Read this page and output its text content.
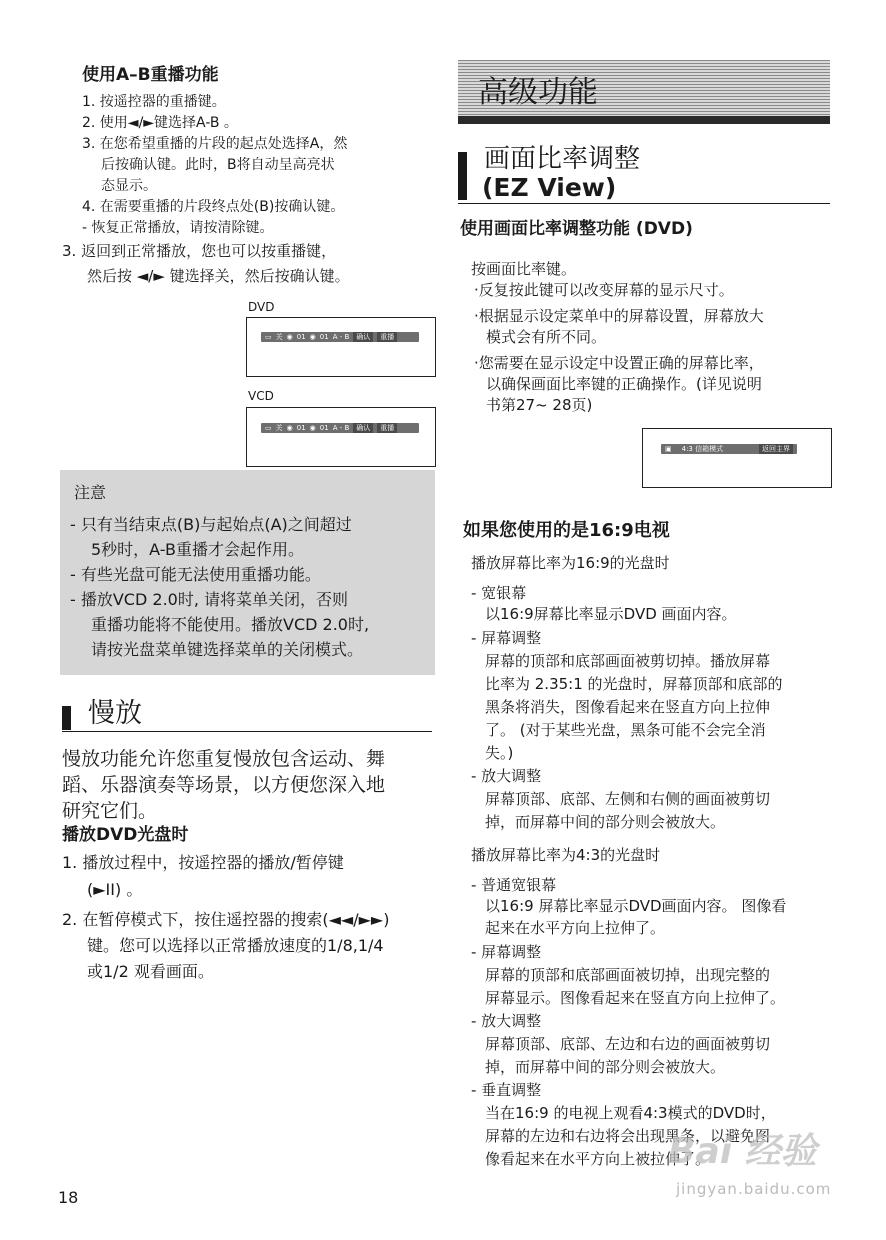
使用A–B重播功能
1. 按遥控器的重播键。
2. 使用◄/►键选择A-B 。
3. 在您希望重播的片段的起点处选择A，然
后按确认键。此时，B将自动呈高亮状
态显示。
4. 在需要重播的片段终点处(B)按确认键。
- 恢复正常播放，请按清除键。
3. 返回到正常播放，您也可以按重播键，
然后按 ◄/► 键选择关，然后按确认键。
DVD
▭ 关 ◉ 01 ◉ 01 A - B	确认	重播
VCD
▭ 关 ◉ 01 ◉ 01 A - B	确认	重播
注意
- 只有当结束点(B)与起始点(A)之间超过
5秒时，A-B重播才会起作用。
- 有些光盘可能无法使用重播功能。
- 播放VCD 2.0时, 请将菜单关闭，否则
重播功能将不能使用。播放VCD 2.0时,
请按光盘菜单键选择菜单的关闭模式。
慢放
慢放功能允许您重复慢放包含运动、舞
蹈、乐器演奏等场景，以方便您深入地
研究它们。
播放DVD光盘时
1. 播放过程中，按遥控器的播放/暂停键
(►II) 。
2. 在暂停模式下，按住遥控器的搜索(◄◄/►►)
键。您可以选择以正常播放速度的1/8,1/4
或1/2 观看画面。
18
高级功能
画面比率调整
(EZ View)
使用画面比率调整功能 (DVD)
按画面比率键。
·反复按此键可以改变屏幕的显示尺寸。
·根据显示设定菜单中的屏幕设置，屏幕放大
模式会有所不同。
·您需要在显示设定中设置正确的屏幕比率，
以确保画面比率键的正确操作。(详见说明
书第27~ 28页)
▣ 4:3 信箱模式	返回主界
如果您使用的是16:9电视
播放屏幕比率为16:9的光盘时
- 宽银幕
以16:9屏幕比率显示DVD 画面内容。
- 屏幕调整
屏幕的顶部和底部画面被剪切掉。播放屏幕
比率为 2.35:1 的光盘时，屏幕顶部和底部的
黑条将消失，图像看起来在竖直方向上拉伸
了。 (对于某些光盘，黑条可能不会完全消
失。)
- 放大调整
屏幕顶部、底部、左侧和右侧的画面被剪切
掉，而屏幕中间的部分则会被放大。
播放屏幕比率为4:3的光盘时
- 普通宽银幕
以16:9 屏幕比率显示DVD画面内容。 图像看
起来在水平方向上拉伸了。
- 屏幕调整
屏幕的顶部和底部画面被切掉，出现完整的
屏幕显示。图像看起来在竖直方向上拉伸了。
- 放大调整
屏幕顶部、底部、左边和右边的画面被剪切
掉，而屏幕中间的部分则会被放大。
- 垂直调整
当在16:9 的电视上观看4:3模式的DVD时，
屏幕的左边和右边将会出现黑条，以避免图
像看起来在水平方向上被拉伸了。
Bai 经验
jingyan.baidu.com
